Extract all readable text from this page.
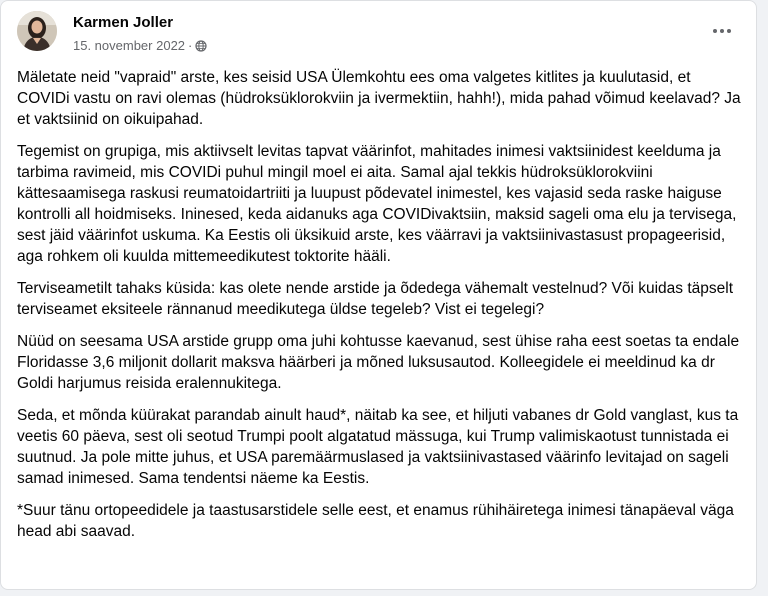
Karmen Joller
15. november 2022 ·

Mäletate neid "vapraid" arste, kes seisid USA Ülemkohtu ees oma valgetes kitlites ja kuulutasid, et COVIDi vastu on ravi olemas (hüdroksüklorokviin ja ivermektiin, hahh!), mida pahad võimud keelavad? Ja et vaktsiinid on oikuipahad.

Tegemist on grupiga, mis aktiivselt levitas tapvat väärinfot, mahitades inimesi vaktsiinidest keelduma ja tarbima ravimeid, mis COVIDi puhul mingil moel ei aita. Samal ajal tekkis hüdroksüklorokviini kättesaamisega raskusi reumatoidartriiti ja luupust põdevatel inimestel, kes vajasid seda raske haiguse kontrolli all hoidmiseks. Ininesed, keda aidanuks aga COVIDivaktsiin, maksid sageli oma elu ja tervisega, sest jäid väärinfot uskuma. Ka Eestis oli üksikuid arste, kes väärravi ja vaktsiinivastasust propageerisid, aga rohkem oli kuulda mittemeedikutest toktorite hääli.

Terviseametilt tahaks küsida: kas olete nende arstide ja õdedega vähemalt vestelnud? Või kuidas täpselt terviseamet eksiteele rännanud meedikutega üldse tegeleb? Vist ei tegelegi?

Nüüd on seesama USA arstide grupp oma juhi kohtusse kaevanud, sest ühise raha eest soetas ta endale Floridasse 3,6 miljonit dollarit maksva häärberi ja mõned luksusautod. Kolleegidele ei meeldinud ka dr Goldi harjumus reisida eralennukitega.

Seda, et mõnda küürakat parandab ainult haud*, näitab ka see, et hiljuti vabanes dr Gold vanglast, kus ta veetis 60 päeva, sest oli seotud Trumpi poolt algatatud mässuga, kui Trump valimiskaotust tunnistada ei suutnud. Ja pole mitte juhus, et USA paremäärmuslased ja vaktsiinivastased väärinfo levitajad on sageli samad inimesed. Sama tendentsi näeme ka Eestis.

*Suur tänu ortopeedidele ja taastusarstidele selle eest, et enamus rühihäiretega inimesi tänapäeval väga head abi saavad.
